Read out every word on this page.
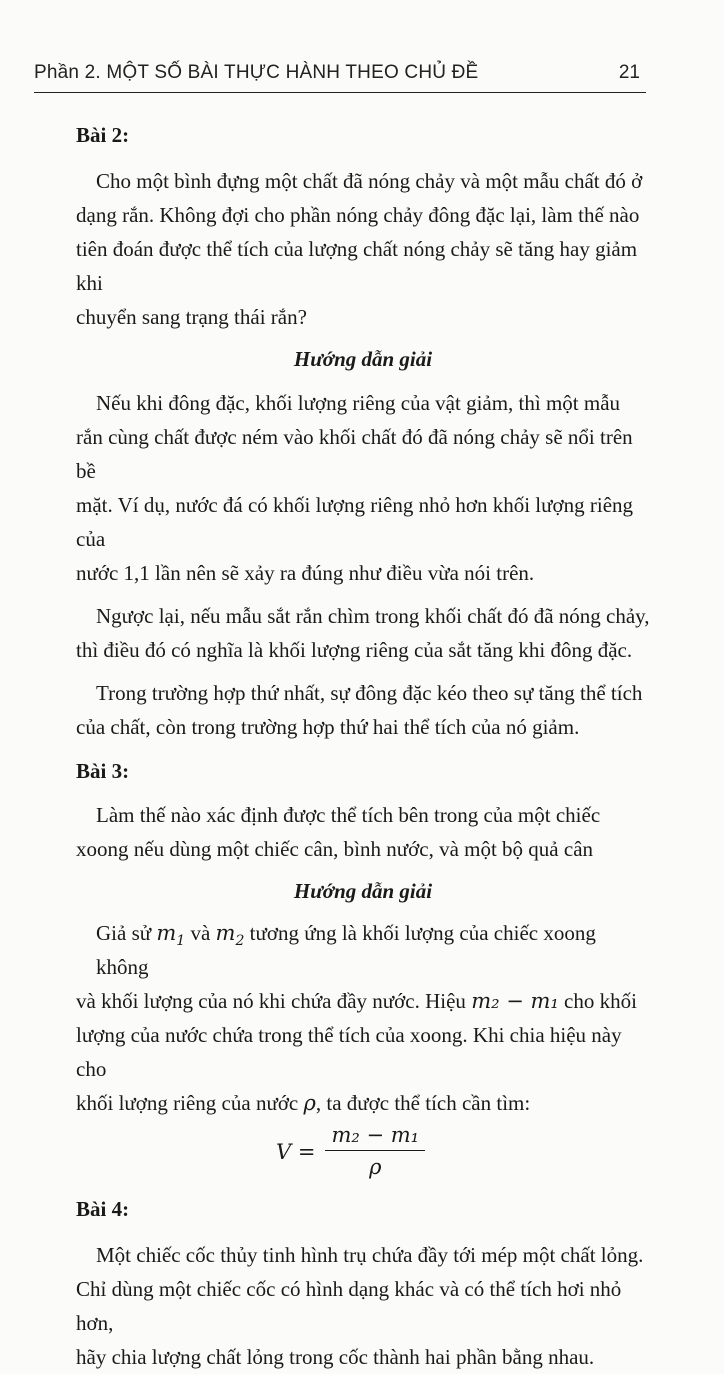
Phần 2. MỘT SỐ BÀI THỰC HÀNH THEO CHỦ ĐỀ	21
Bài 2:
Cho một bình đựng một chất đã nóng chảy và một mẫu chất đó ở
dạng rắn. Không đợi cho phần nóng chảy đông đặc lại, làm thế nào
tiên đoán được thể tích của lượng chất nóng chảy sẽ tăng hay giảm khi
chuyển sang trạng thái rắn?
Hướng dẫn giải
Nếu khi đông đặc, khối lượng riêng của vật giảm, thì một mẫu
rắn cùng chất được ném vào khối chất đó đã nóng chảy sẽ nổi trên bề
mặt. Ví dụ, nước đá có khối lượng riêng nhỏ hơn khối lượng riêng của
nước 1,1 lần nên sẽ xảy ra đúng như điều vừa nói trên.
Ngược lại, nếu mẫu sắt rắn chìm trong khối chất đó đã nóng chảy,
thì điều đó có nghĩa là khối lượng riêng của sắt tăng khi đông đặc.
Trong trường hợp thứ nhất, sự đông đặc kéo theo sự tăng thể tích
của chất, còn trong trường hợp thứ hai thể tích của nó giảm.
Bài 3:
Làm thế nào xác định được thể tích bên trong của một chiếc
xoong nếu dùng một chiếc cân, bình nước, và một bộ quả cân
Hướng dẫn giải
Giả sử $m_1$ và $m_2$ tương ứng là khối lượng của chiếc xoong không
và khối lượng của nó khi chứa đầy nước. Hiệu m₂ − m₁ cho khối
lượng của nước chứa trong thể tích của xoong. Khi chia hiệu này cho
khối lượng riêng của nước ρ, ta được thể tích cần tìm:
$V = \frac{\text{m₂ − m₁}}{\rho}$
Bài 4:
Một chiếc cốc thủy tinh hình trụ chứa đầy tới mép một chất lỏng.
Chỉ dùng một chiếc cốc có hình dạng khác và có thể tích hơi nhỏ hơn,
hãy chia lượng chất lỏng trong cốc thành hai phần bằng nhau.
